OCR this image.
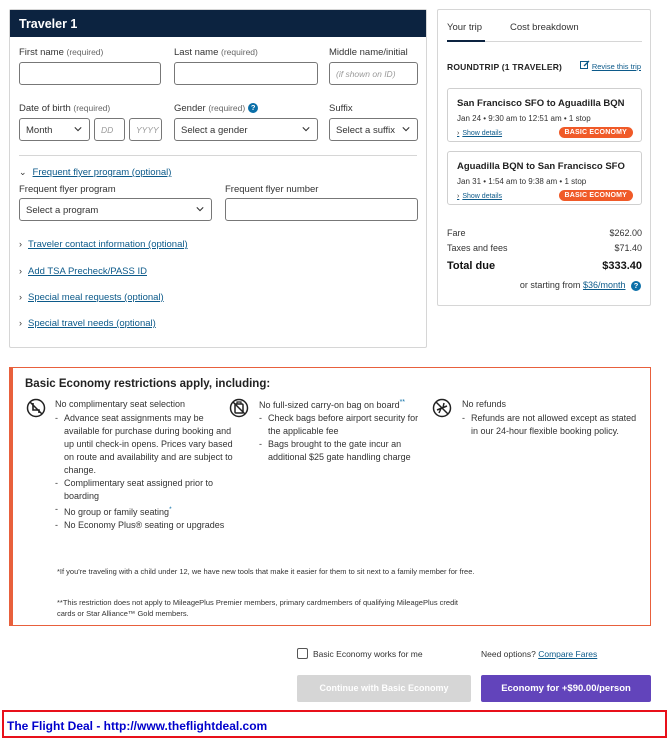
Traveler 1
First name (required)	Last name (required)	Middle name/initial
(if shown on ID)
Date of birth (required)	Gender (required) ?	Suffix
Month	DD	YYYY	Select a gender	Select a suffix
⌄ Frequent flyer program (optional)
Frequent flyer program	Frequent flyer number
Select a program
› Traveler contact information (optional)
› Add TSA Precheck/PASS ID
› Special meal requests (optional)
› Special travel needs (optional)
Your trip	Cost breakdown
ROUNDTRIP (1 TRAVELER)	Revise this trip
San Francisco SFO to Aguadilla BQN
Jan 24 • 9:30 am to 12:51 am • 1 stop
› Show details	BASIC ECONOMY
Aguadilla BQN to San Francisco SFO
Jan 31 • 1:54 am to 9:38 am • 1 stop
› Show details	BASIC ECONOMY
Fare	$262.00
Taxes and fees	$71.40
Total due	$333.40
or starting from $36/month ?
Basic Economy restrictions apply, including:
No complimentary seat selection
- Advance seat assignments may be available for purchase during booking and up until check-in opens. Prices vary based on route and availability and are subject to change.
- Complimentary seat assigned prior to boarding
- No group or family seating*
- No Economy Plus® seating or upgrades
No full-sized carry-on bag on board**
- Check bags before airport security for the applicable fee
- Bags brought to the gate incur an additional $25 gate handling charge
No refunds
- Refunds are not allowed except as stated in our 24-hour flexible booking policy.
*If you're traveling with a child under 12, we have new tools that make it easier for them to sit next to a family member for free.
**This restriction does not apply to MileagePlus Premier members, primary cardmembers of qualifying MileagePlus credit cards or Star Alliance™ Gold members.
Basic Economy works for me	Need options? Compare Fares
Continue with Basic Economy	Economy for +$90.00/person
The Flight Deal - http://www.theflightdeal.com
